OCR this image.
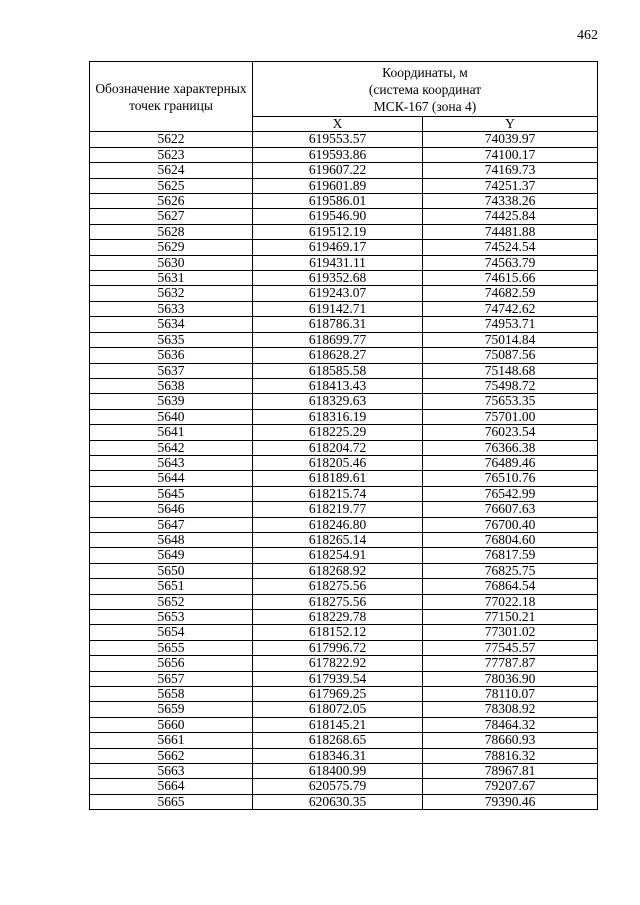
462
Обозначение характерных точек границы	Координаты, м
(система координат
МСК-167 (зона 4)	

	X	Y
5622	619553.57	74039.97
5623	619593.86	74100.17
5624	619607.22	74169.73
5625	619601.89	74251.37
5626	619586.01	74338.26
5627	619546.90	74425.84
5628	619512.19	74481.88
5629	619469.17	74524.54
5630	619431.11	74563.79
5631	619352.68	74615.66
5632	619243.07	74682.59
5633	619142.71	74742.62
5634	618786.31	74953.71
5635	618699.77	75014.84
5636	618628.27	75087.56
5637	618585.58	75148.68
5638	618413.43	75498.72
5639	618329.63	75653.35
5640	618316.19	75701.00
5641	618225.29	76023.54
5642	618204.72	76366.38
5643	618205.46	76489.46
5644	618189.61	76510.76
5645	618215.74	76542.99
5646	618219.77	76607.63
5647	618246.80	76700.40
5648	618265.14	76804.60
5649	618254.91	76817.59
5650	618268.92	76825.75
5651	618275.56	76864.54
5652	618275.56	77022.18
5653	618229.78	77150.21
5654	618152.12	77301.02
5655	617996.72	77545.57
5656	617822.92	77787.87
5657	617939.54	78036.90
5658	617969.25	78110.07
5659	618072.05	78308.92
5660	618145.21	78464.32
5661	618268.65	78660.93
5662	618346.31	78816.32
5663	618400.99	78967.81
5664	620575.79	79207.67
5665	620630.35	79390.46
